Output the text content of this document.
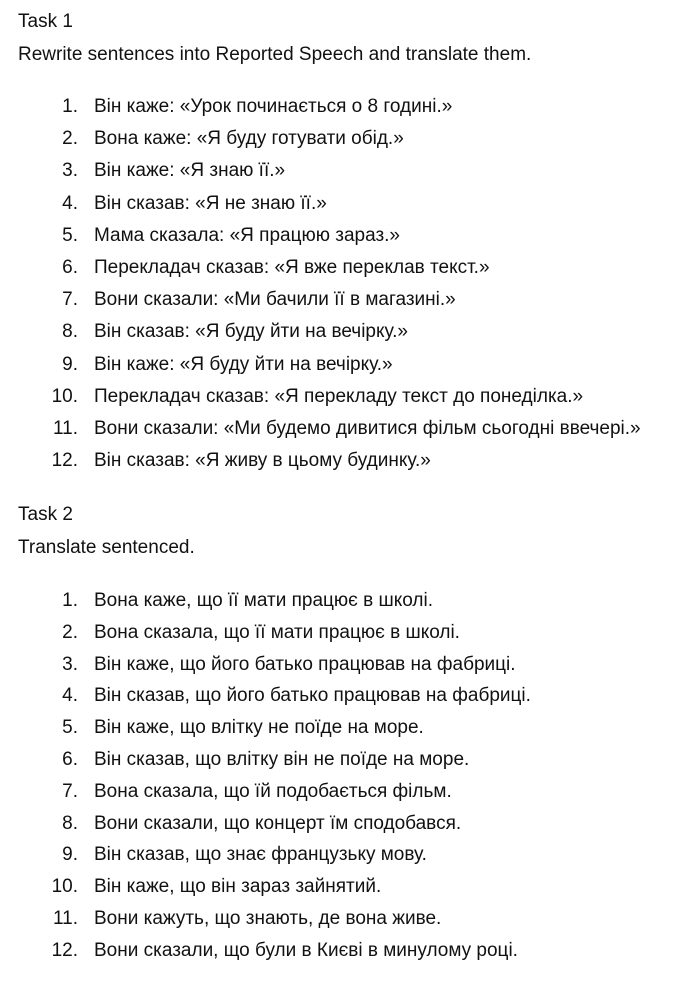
Task 1

Rewrite sentences into Reported Speech and translate them.

1. Він каже: «Урок починається о 8 годині.»
2. Вона каже: «Я буду готувати обід.»
3. Він каже: «Я знаю її.»
4. Він сказав: «Я не знаю її.»
5. Мама сказала: «Я працюю зараз.»
6. Перекладач сказав: «Я вже переклав текст.»
7. Вони сказали: «Ми бачили її в магазині.»
8. Він сказав: «Я буду йти на вечірку.»
9. Він каже: «Я буду йти на вечірку.»
10. Перекладач сказав: «Я перекладу текст до понеділка.»
11. Вони сказали: «Ми будемо дивитися фільм сьогодні ввечері.»
12. Він сказав: «Я живу в цьому будинку.»
Task 2

Translate sentenced.

1. Вона каже, що її мати працює в школі.
2. Вона сказала, що її мати працює в школі.
3. Він каже, що його батько працював на фабриці.
4. Він сказав, що його батько працював на фабриці.
5. Він каже, що влітку не поїде на море.
6. Він сказав, що влітку він не поїде на море.
7. Вона сказала, що їй подобається фільм.
8. Вони сказали, що концерт їм сподобався.
9. Він сказав, що знає французьку мову.
10. Він каже, що він зараз зайнятий.
11. Вони кажуть, що знають, де вона живе.
12. Вони сказали, що були в Києві в минулому році.
